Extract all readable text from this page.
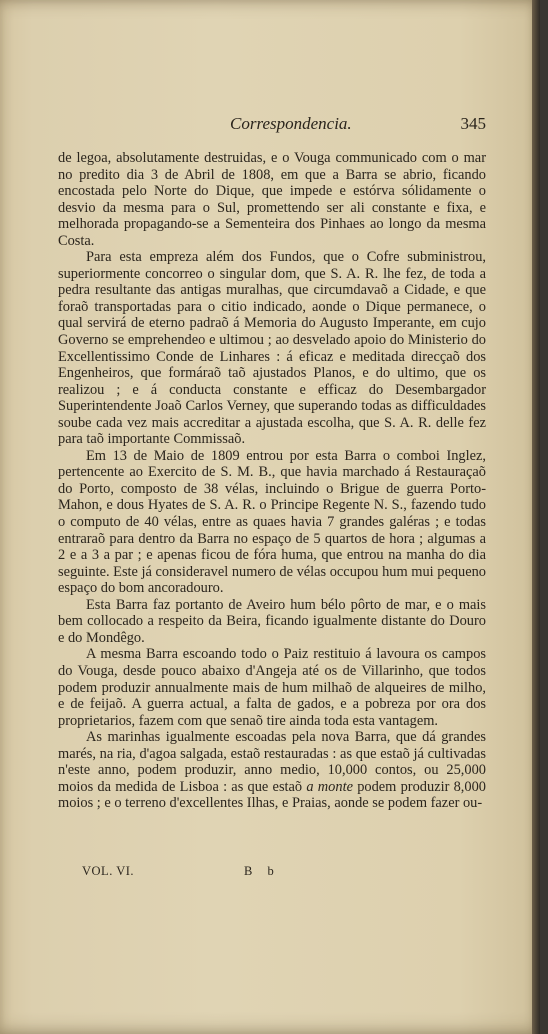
Correspondencia.	345

de legoa, absolutamente destruidas, e o Vouga communicado com o mar no predito dia 3 de Abril de 1808, em que a Barra se abrio, ficando encostada pelo Norte do Dique, que impede e estórva sólidamente o desvio da mesma para o Sul, promettendo ser ali constante e fixa, e melhorada propagando-se a Sementeira dos Pinhaes ao longo da mesma Costa.

Para esta empreza além dos Fundos, que o Cofre subministrou, superiormente concorreo o singular dom, que S. A. R. lhe fez, de toda a pedra resultante das antigas muralhas, que circumdavaõ a Cidade, e que foraõ transportadas para o citio indicado, aonde o Dique permanece, o qual servirá de eterno padraõ á Memoria do Augusto Imperante, em cujo Governo se emprehendeo e ultimou ; ao desvelado apoio do Ministerio do Excellentissimo Conde de Linhares : á eficaz e meditada direcçaõ dos Engenheiros, que formáraõ taõ ajustados Planos, e do ultimo, que os realizou ; e á conducta constante e efficaz do Desembargador Superintendente Joaõ Carlos Verney, que superando todas as difficuldades soube cada vez mais accreditar a ajustada escolha, que S. A. R. delle fez para taõ importante Commissaõ.

Em 13 de Maio de 1809 entrou por esta Barra o comboi Inglez, pertencente ao Exercito de S. M. B., que havia marchado á Restauraçaõ do Porto, composto de 38 vélas, incluindo o Brigue de guerra Porto-Mahon, e dous Hyates de S. A. R. o Principe Regente N. S., fazendo tudo o computo de 40 vélas, entre as quaes havia 7 grandes galéras ; e todas entraraõ para dentro da Barra no espaço de 5 quartos de hora ; algumas a 2 e a 3 a par ; e apenas ficou de fóra huma, que entrou na manha do dia seguinte. Este já consideravel numero de vélas occupou hum mui pequeno espaço do bom ancoradouro.

Esta Barra faz portanto de Aveiro hum bélo pôrto de mar, e o mais bem collocado a respeito da Beira, ficando igualmente distante do Douro e do Mondêgo.

A mesma Barra escoando todo o Paiz restituio á lavoura os campos do Vouga, desde pouco abaixo d'Angeja até os de Villarinho, que todos podem produzir annualmente mais de hum milhaõ de alqueires de milho, e de feijaõ. A guerra actual, a falta de gados, e a pobreza por ora dos proprietarios, fazem com que senaõ tire ainda toda esta vantagem.

As marinhas igualmente escoadas pela nova Barra, que dá grandes marés, na ria, d'agoa salgada, estaõ restauradas : as que estaõ já cultivadas n'este anno, podem produzir, anno medio, 10,000 contos, ou 25,000 moios da medida de Lisboa : as que estaõ a monte podem produzir 8,000 moios ; e o terreno d'excellentes Ilhas, e Praias, aonde se podem fazer ou-

VOL. VI.	B b
